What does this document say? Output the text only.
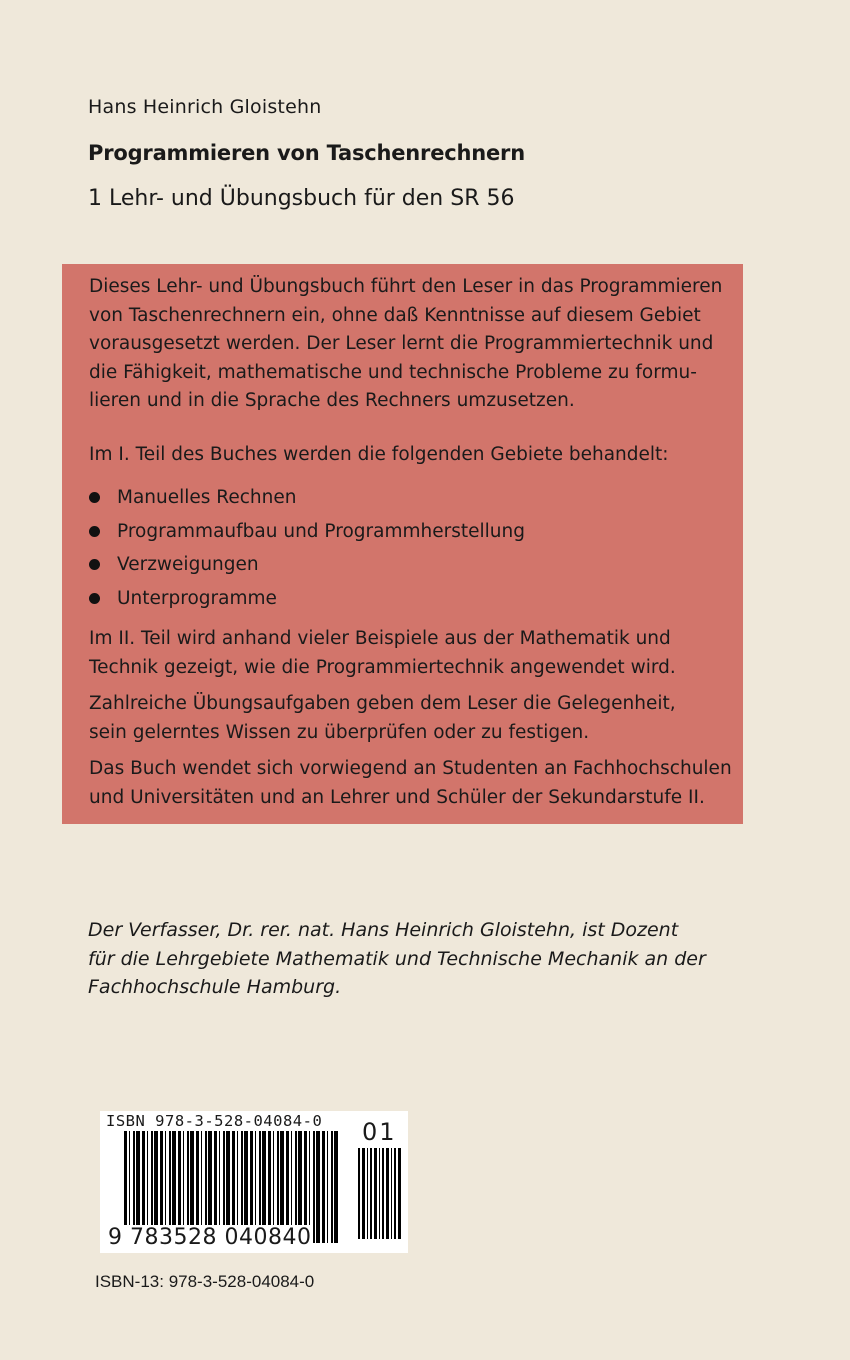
Hans Heinrich Gloistehn
Programmieren von Taschenrechnern
1 Lehr- und Übungsbuch für den SR 56

Dieses Lehr- und Übungsbuch führt den Leser in das Programmieren
von Taschenrechnern ein, ohne daß Kenntnisse auf diesem Gebiet
vorausgesetzt werden. Der Leser lernt die Programmiertechnik und
die Fähigkeit, mathematische und technische Probleme zu formu-
lieren und in die Sprache des Rechners umzusetzen.

Im I. Teil des Buches werden die folgenden Gebiete behandelt:

Manuelles Rechnen
Programmaufbau und Programmherstellung
Verzweigungen
Unterprogramme

Im II. Teil wird anhand vieler Beispiele aus der Mathematik und
Technik gezeigt, wie die Programmiertechnik angewendet wird.

Zahlreiche Übungsaufgaben geben dem Leser die Gelegenheit,
sein gelerntes Wissen zu überprüfen oder zu festigen.

Das Buch wendet sich vorwiegend an Studenten an Fachhochschulen
und Universitäten und an Lehrer und Schüler der Sekundarstufe II.

Der Verfasser, Dr. rer. nat. Hans Heinrich Gloistehn, ist Dozent
für die Lehrgebiete Mathematik und Technische Mechanik an der
Fachhochschule Hamburg.
ISBN 978-3-528-04084-0
9 783528 040840
01
ISBN-13: 978-3-528-04084-0
